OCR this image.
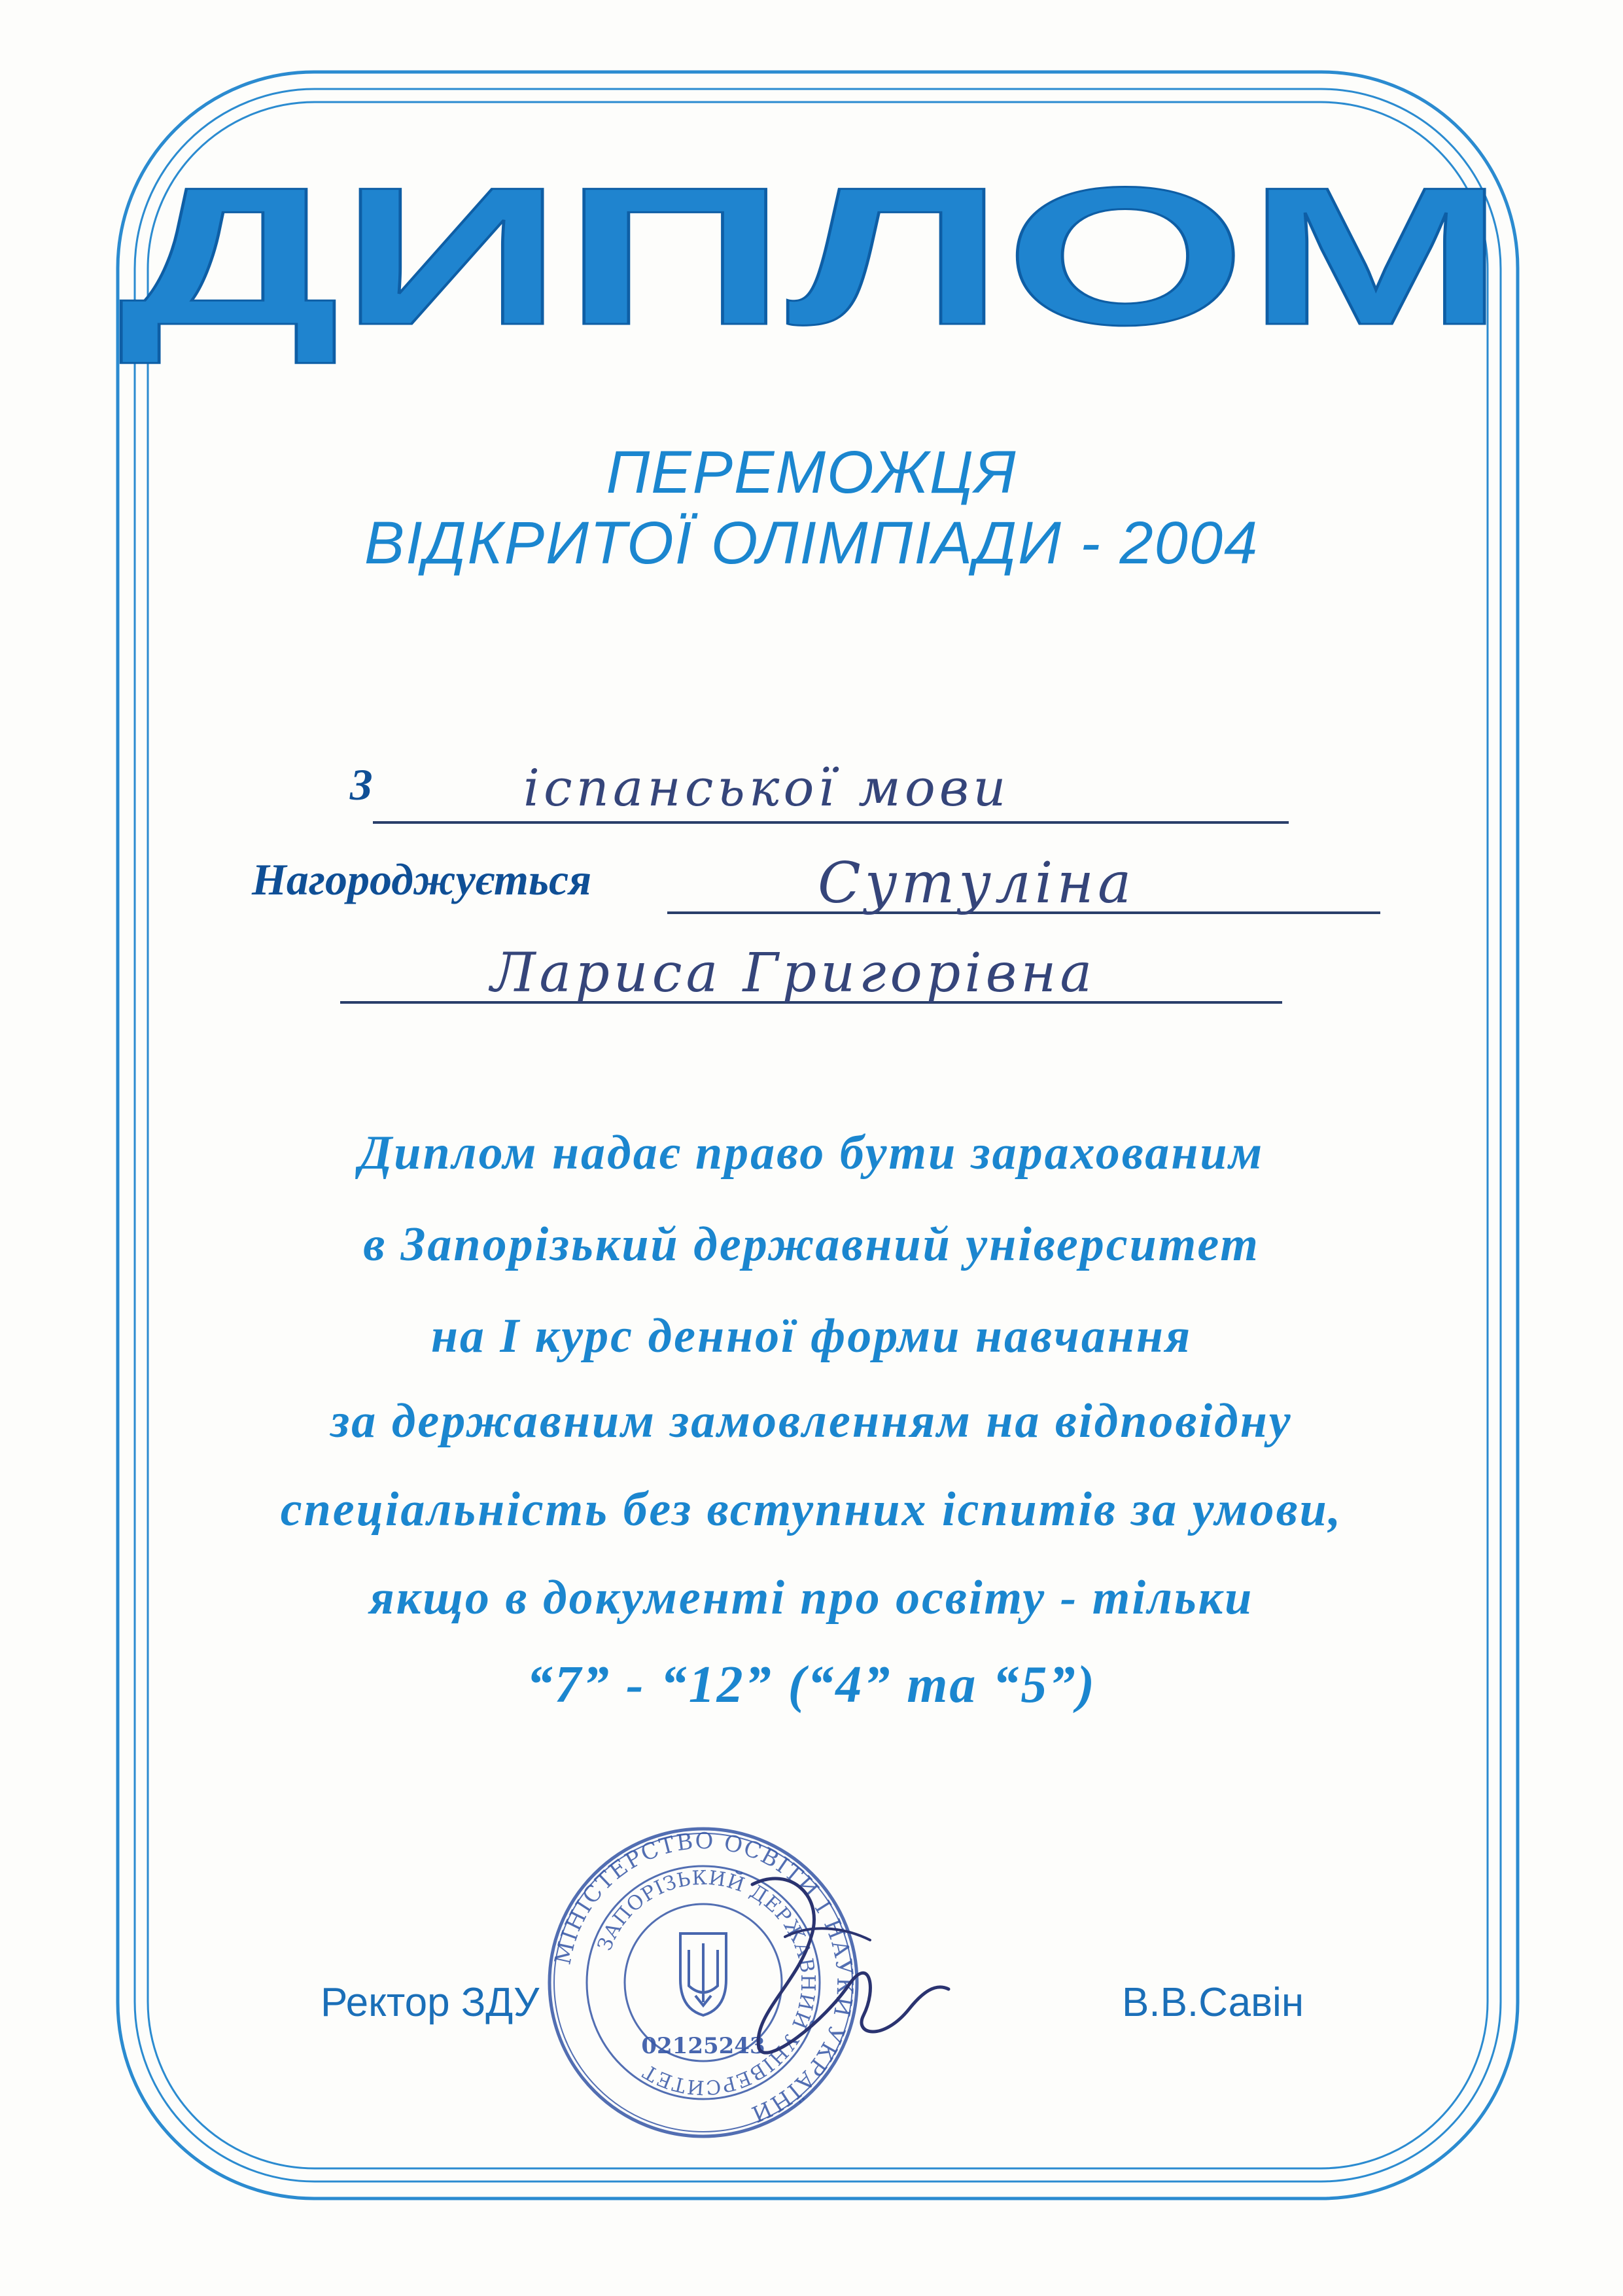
ДИПЛОМ
ПЕРЕМОЖЦЯ
ВІДКРИТОЇ ОЛІМПІАДИ - 2004
З	іспанської мови
Нагороджується	Сутуліна
Лариса Григорівна
Диплом надає право бути зарахованим
в Запорізький державний університет
на I курс денної форми навчання
за державним замовленням на відповідну
спеціальність без вступних іспитів за умови,
якщо в документі про освіту - тільки
“7” - “12” (“4” та “5”)
Ректор ЗДУ	В.В.Савін
МІНІСТЕРСТВО ОСВІТИ І НАУКИ УКРАЇНИ
ЗАПОРІЗЬКИЙ ДЕРЖАВНИЙ УНІВЕРСИТЕТ
02125243
